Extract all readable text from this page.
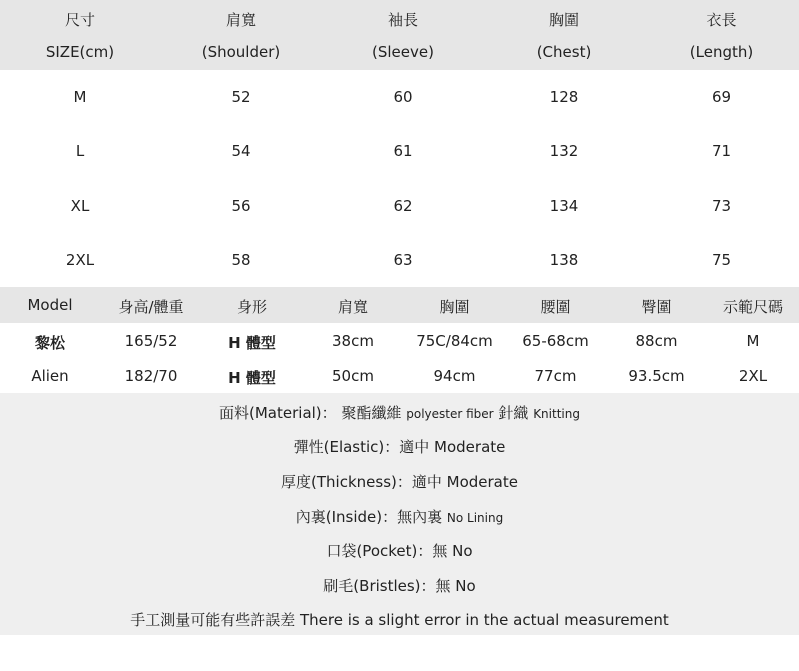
尺寸	肩寬	袖長	胸圍	衣長
SIZE(cm)	(Shoulder)	(Sleeve)	(Chest)	(Length)
M	52	60	128	69
L	54	61	132	71
XL	56	62	134	73
2XL	58	63	138	75
Model	身高/體重	身形	肩寬	胸圍	腰圍	臀圍	示範尺碼
黎松	165/52	H 體型	38cm	75C/84cm	65-68cm	88cm	M
Alien	182/70	H 體型	50cm	94cm	77cm	93.5cm	2XL
面料(Material)： 聚酯纖維 polyester fiber 針織 Knitting
彈性(Elastic)：適中 Moderate
厚度(Thickness)：適中 Moderate
內裏(Inside)：無內裏 No Lining
口袋(Pocket)：無 No
刷毛(Bristles)：無 No
手工測量可能有些許誤差 There is a slight error in the actual measurement
